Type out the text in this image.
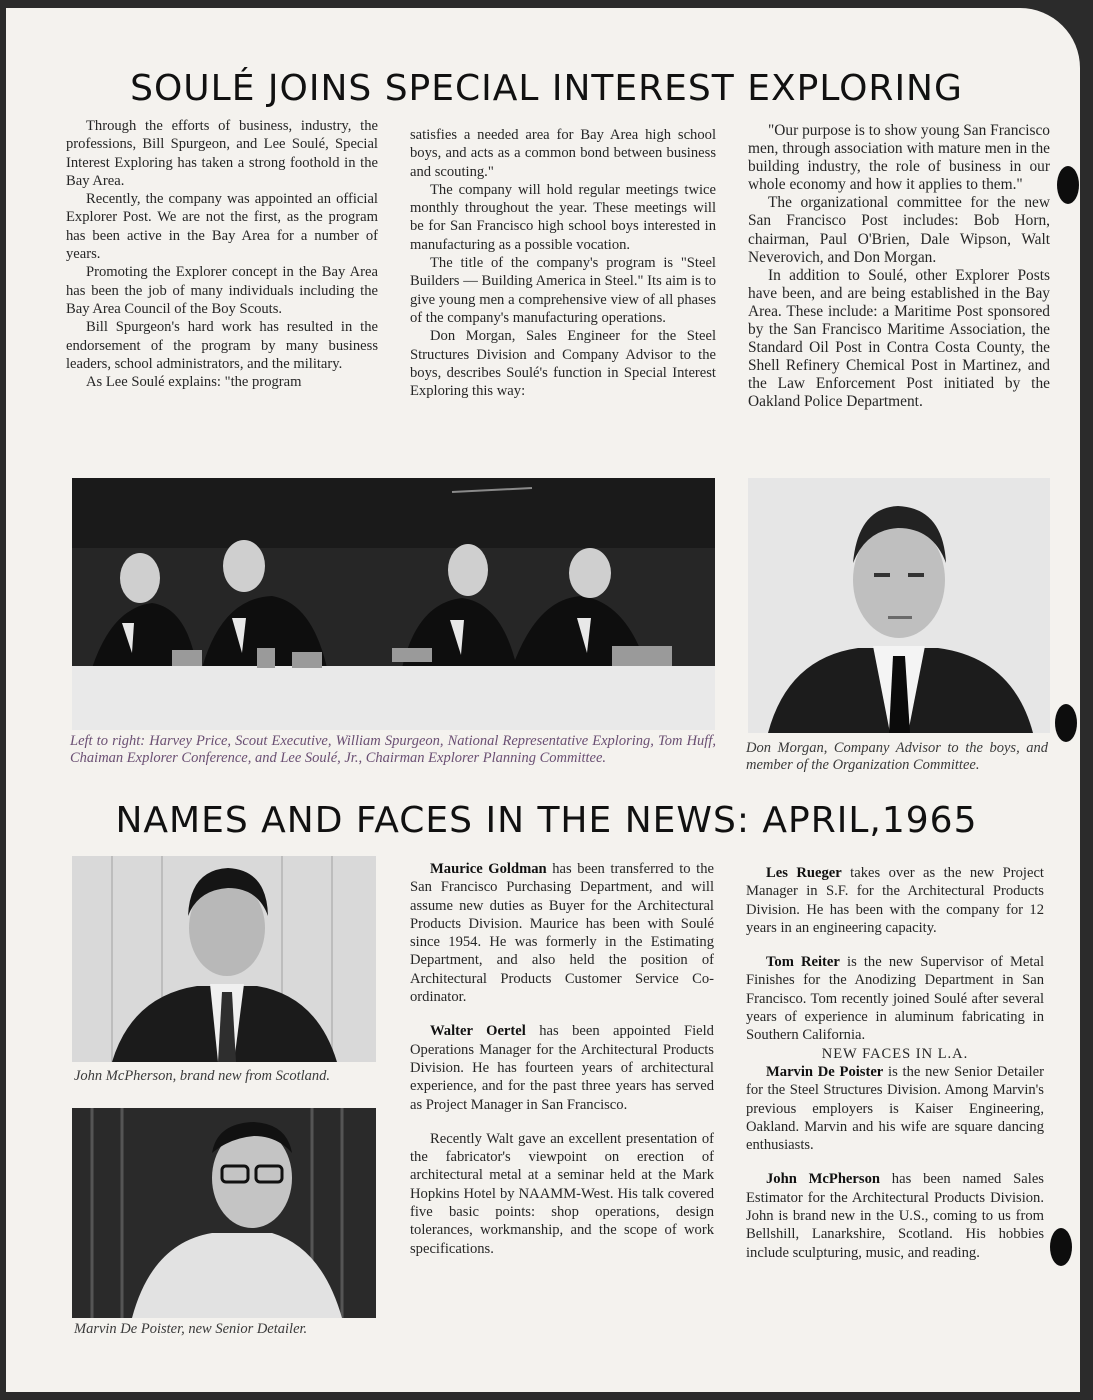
SOULÉ JOINS SPECIAL INTEREST EXPLORING

Through the efforts of business, industry, the professions, Bill Spurgeon, and Lee Soulé, Special Interest Exploring has taken a strong foothold in the Bay Area.

Recently, the company was appointed an official Explorer Post. We are not the first, as the program has been active in the Bay Area for a number of years.

Promoting the Explorer concept in the Bay Area has been the job of many individuals including the Bay Area Council of the Boy Scouts.

Bill Spurgeon's hard work has resulted in the endorsement of the program by many business leaders, school administrators, and the military.

As Lee Soulé explains: "the program

satisfies a needed area for Bay Area high school boys, and acts as a common bond between business and scouting."

The company will hold regular meetings twice monthly throughout the year. These meetings will be for San Francisco high school boys interested in manufacturing as a possible vocation.

The title of the company's program is "Steel Builders — Building America in Steel." Its aim is to give young men a comprehensive view of all phases of the company's manufacturing operations.

Don Morgan, Sales Engineer for the Steel Structures Division and Company Advisor to the boys, describes Soulé's function in Special Interest Exploring this way:

"Our purpose is to show young San Francisco men, through association with mature men in the building industry, the role of business in our whole economy and how it applies to them."

The organizational committee for the new San Francisco Post includes: Bob Horn, chairman, Paul O'Brien, Dale Wipson, Walt Neverovich, and Don Morgan.

In addition to Soulé, other Explorer Posts have been, and are being established in the Bay Area. These include: a Maritime Post sponsored by the San Francisco Maritime Association, the Standard Oil Post in Contra Costa County, the Shell Refinery Chemical Post in Martinez, and the Law Enforcement Post initiated by the Oakland Police Department.

Left to right: Harvey Price, Scout Executive, William Spurgeon, National Representative Exploring, Tom Huff, Chaiman Explorer Conference, and Lee Soulé, Jr., Chairman Explorer Planning Committee.
Don Morgan, Company Advisor to the boys, and member of the Organization Committee.
NAMES AND FACES IN THE NEWS: APRIL,1965
John McPherson, brand new from Scotland.
Marvin De Poister, new Senior Detailer.

Maurice Goldman has been transferred to the San Francisco Purchasing Department, and will assume new duties as Buyer for the Architectural Products Division. Maurice has been with Soulé since 1954. He was formerly in the Estimating Department, and also held the position of Architectural Products Customer Service Co-ordinator.

Walter Oertel has been appointed Field Operations Manager for the Architectural Products Division. He has fourteen years of architectural experience, and for the past three years has served as Project Manager in San Francisco.

Recently Walt gave an excellent presentation of the fabricator's viewpoint on erection of architectural metal at a seminar held at the Mark Hopkins Hotel by NAAMM-West. His talk covered five basic points: shop operations, design tolerances, workmanship, and the scope of work specifications.

Les Rueger takes over as the new Project Manager in S.F. for the Architectural Products Division. He has been with the company for 12 years in an engineering capacity.

Tom Reiter is the new Supervisor of Metal Finishes for the Anodizing Department in San Francisco. Tom recently joined Soulé after several years of experience in aluminum fabricating in Southern California.

NEW FACES IN L.A.

Marvin De Poister is the new Senior Detailer for the Steel Structures Division. Among Marvin's previous employers is Kaiser Engineering, Oakland. Marvin and his wife are square dancing enthusiasts.

John McPherson has been named Sales Estimator for the Architectural Products Division. John is brand new in the U.S., coming to us from Bellshill, Lanarkshire, Scotland. His hobbies include sculpturing, music, and reading.
